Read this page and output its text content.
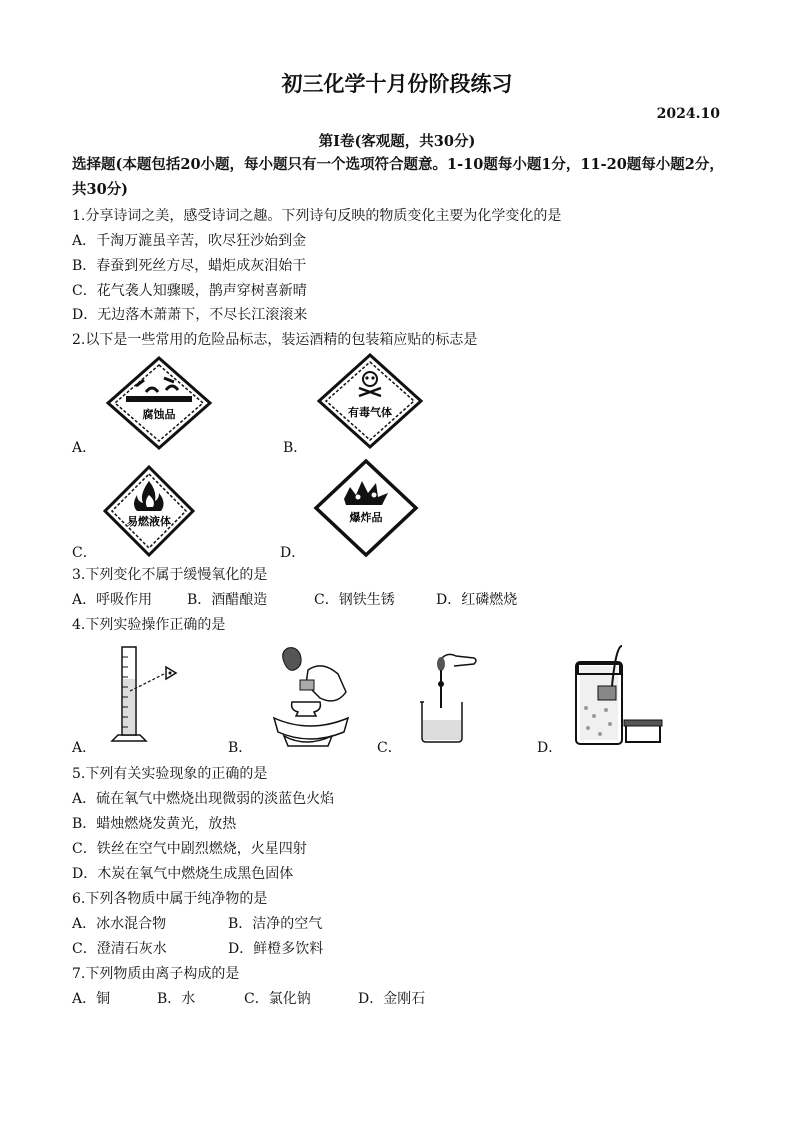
初三化学十月份阶段练习
2024.10
第Ⅰ卷(客观题，共30分)
选择题(本题包括20小题，每小题只有一个选项符合题意。1-10题每小题1分，11-20题每小题2分，共30分)
1.分享诗词之美，感受诗词之趣。下列诗句反映的物质变化主要为化学变化的是
A．千淘万漉虽辛苦，吹尽狂沙始到金
B．春蚕到死丝方尽，蜡炬成灰泪始干
C．花气袭人知骤暖，鹊声穿树喜新晴
D．无边落木萧萧下，不尽长江滚滚来
2.以下是一些常用的危险品标志，装运酒精的包装箱应贴的标志是
腐蚀品
A．
有毒气体
B．
易燃液体
C．
爆炸品
D．
3.下列变化不属于缓慢氧化的是
A．呼吸作用 B．酒醋酿造	C．钢铁生锈	D．红磷燃烧
4.下列实验操作正确的是
A．	B．	C．	D．
5.下列有关实验现象的正确的是
A．硫在氧气中燃烧出现微弱的淡蓝色火焰
B．蜡烛燃烧发黄光，放热
C．铁丝在空气中剧烈燃烧，火星四射
D．木炭在氧气中燃烧生成黑色固体
6.下列各物质中属于纯净物的是
A．冰水混合物	B．洁净的空气
C．澄清石灰水	D．鲜橙多饮料
7.下列物质由离子构成的是
A．铜	B．水	C．氯化钠	D．金刚石
